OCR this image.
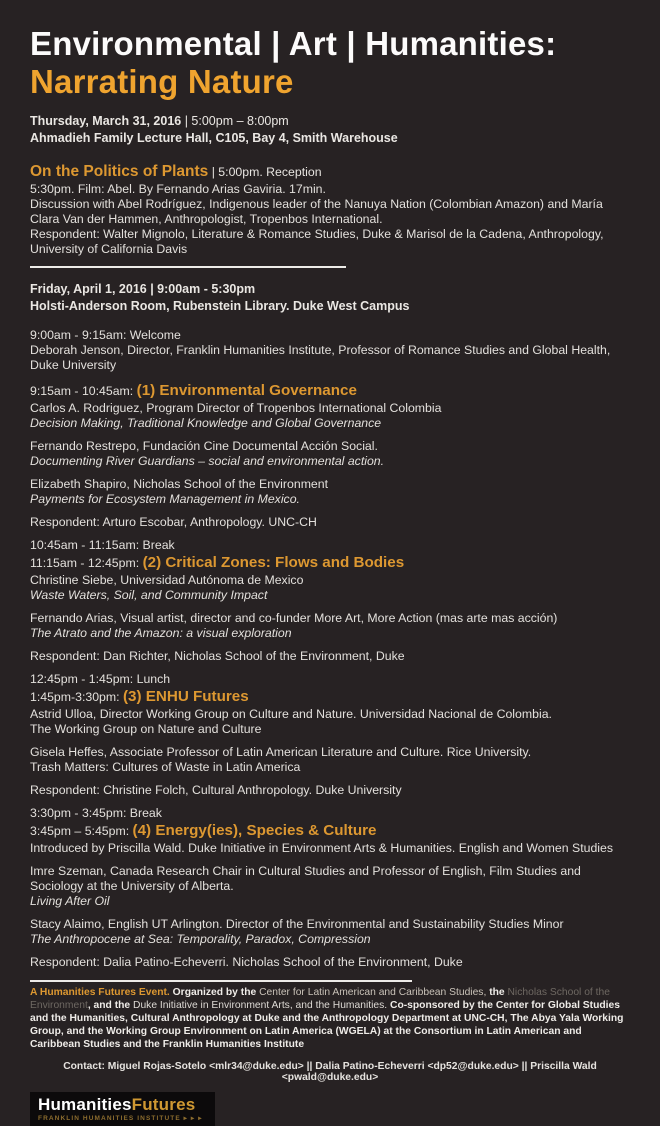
Environmental | Art | Humanities:
Narrating Nature
Thursday, March 31, 2016 | 5:00pm – 8:00pm
Ahmadieh Family Lecture Hall, C105, Bay 4, Smith Warehouse
On the Politics of Plants | 5:00pm. Reception
5:30pm. Film: Abel. By Fernando Arias Gaviria. 17min.
Discussion with Abel Rodríguez, Indigenous leader of the Nanuya Nation (Colombian Amazon) and María Clara Van der Hammen, Anthropologist, Tropenbos International.
Respondent: Walter Mignolo, Literature & Romance Studies, Duke & Marisol de la Cadena, Anthropology, University of California Davis
Friday, April 1, 2016 | 9:00am - 5:30pm
Holsti-Anderson Room, Rubenstein Library. Duke West Campus
9:00am - 9:15am: Welcome
Deborah Jenson, Director, Franklin Humanities Institute, Professor of Romance Studies and Global Health, Duke University
9:15am - 10:45am: (1) Environmental Governance
Carlos A. Rodriguez, Program Director of Tropenbos International Colombia
Decision Making, Traditional Knowledge and Global Governance
Fernando Restrepo, Fundación Cine Documental Acción Social.
Documenting River Guardians – social and environmental action.
Elizabeth Shapiro, Nicholas School of the Environment
Payments for Ecosystem Management in Mexico.
Respondent: Arturo Escobar, Anthropology. UNC-CH
10:45am - 11:15am: Break
11:15am - 12:45pm: (2) Critical Zones: Flows and Bodies
Christine Siebe, Universidad Autónoma de Mexico
Waste Waters, Soil, and Community Impact
Fernando Arias, Visual artist, director and co-funder More Art, More Action (mas arte mas acción)
The Atrato and the Amazon: a visual exploration
Respondent: Dan Richter, Nicholas School of the Environment, Duke
12:45pm - 1:45pm: Lunch
1:45pm-3:30pm: (3) ENHU Futures
Astrid Ulloa, Director Working Group on Culture and Nature. Universidad Nacional de Colombia.
The Working Group on Nature and Culture
Gisela Heffes, Associate Professor of Latin American Literature and Culture. Rice University.
Trash Matters: Cultures of Waste in Latin America
Respondent: Christine Folch, Cultural Anthropology. Duke University
3:30pm - 3:45pm: Break
3:45pm – 5:45pm: (4) Energy(ies), Species & Culture
Introduced by Priscilla Wald. Duke Initiative in Environment Arts & Humanities. English and Women Studies
Imre Szeman, Canada Research Chair in Cultural Studies and Professor of English, Film Studies and Sociology at the University of Alberta.
Living After Oil
Stacy Alaimo, English UT Arlington. Director of the Environmental and Sustainability Studies Minor
The Anthropocene at Sea: Temporality, Paradox, Compression
Respondent: Dalia Patino-Echeverri. Nicholas School of the Environment, Duke
A Humanities Futures Event. Organized by the Center for Latin American and Caribbean Studies, the Nicholas School of the Environment, and the Duke Initiative in Environment Arts, and the Humanities. Co-sponsored by the Center for Global Studies and the Humanities, Cultural Anthropology at Duke and the Anthropology Department at UNC-CH, The Abya Yala Working Group, and the Working Group Environment on Latin America (WGELA) at the Consortium in Latin American and Caribbean Studies and the Franklin Humanities Institute
Contact: Miguel Rojas-Sotelo <mlr34@duke.edu> || Dalia Patino-Echeverri <dp52@duke.edu> || Priscilla Wald <pwald@duke.edu>
HumanitiesFutures
FRANKLIN HUMANITIES INSTITUTE ▸ ▸ ▸
